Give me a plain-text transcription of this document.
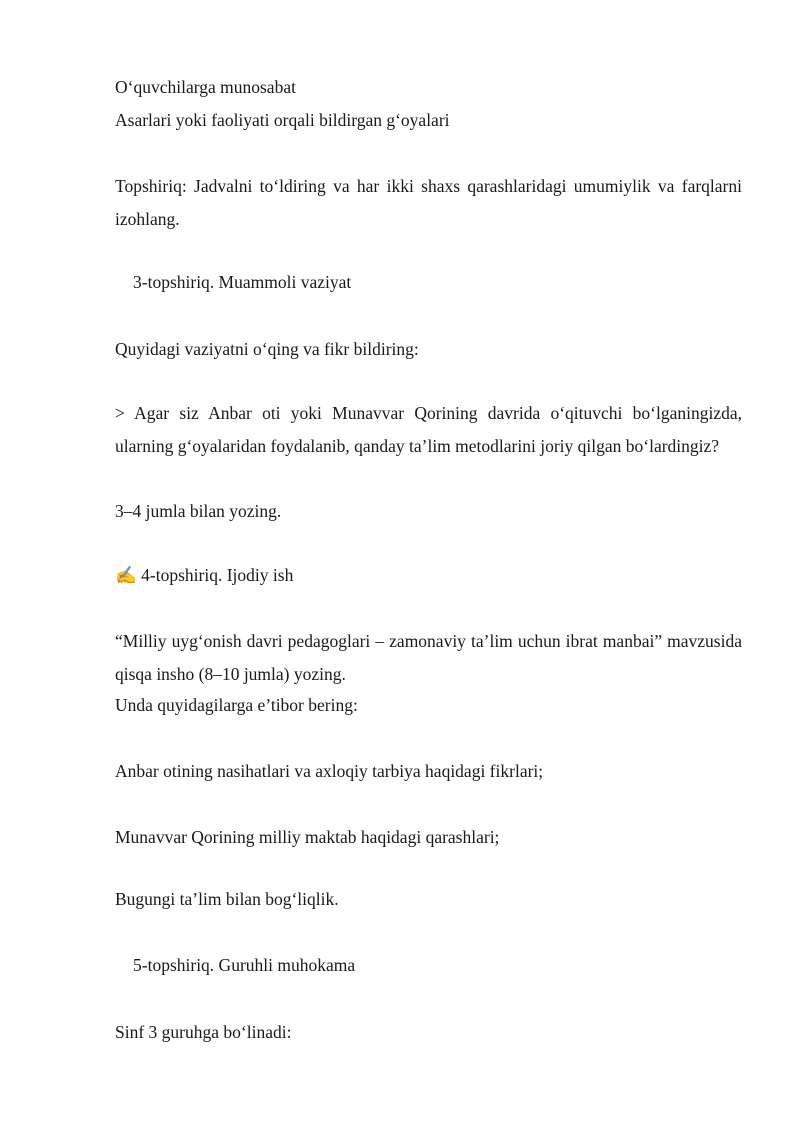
O‘quvchilarga munosabat
Asarlari yoki faoliyati orqali bildirgan g‘oyalari
Topshiriq: Jadvalni to‘ldiring va har ikki shaxs qarashlaridagi umumiylik va farqlarni izohlang.
3-topshiriq. Muammoli vaziyat
Quyidagi vaziyatni o‘qing va fikr bildiring:
> Agar siz Anbar oti yoki Munavvar Qorining davrida o‘qituvchi bo‘lganingizda, ularning g‘oyalaridan foydalanib, qanday ta’lim metodlarini joriy qilgan bo‘lardingiz?
3–4 jumla bilan yozing.
✍ 4-topshiriq. Ijodiy ish
“Milliy uyg‘onish davri pedagoglari – zamonaviy ta’lim uchun ibrat manbai” mavzusida qisqa insho (8–10 jumla) yozing.
Unda quyidagilarga e’tibor bering:
Anbar otining nasihatlari va axloqiy tarbiya haqidagi fikrlari;
Munavvar Qorining milliy maktab haqidagi qarashlari;
Bugungi ta’lim bilan bog‘liqlik.
5-topshiriq. Guruhli muhokama
Sinf 3 guruhga bo‘linadi:
